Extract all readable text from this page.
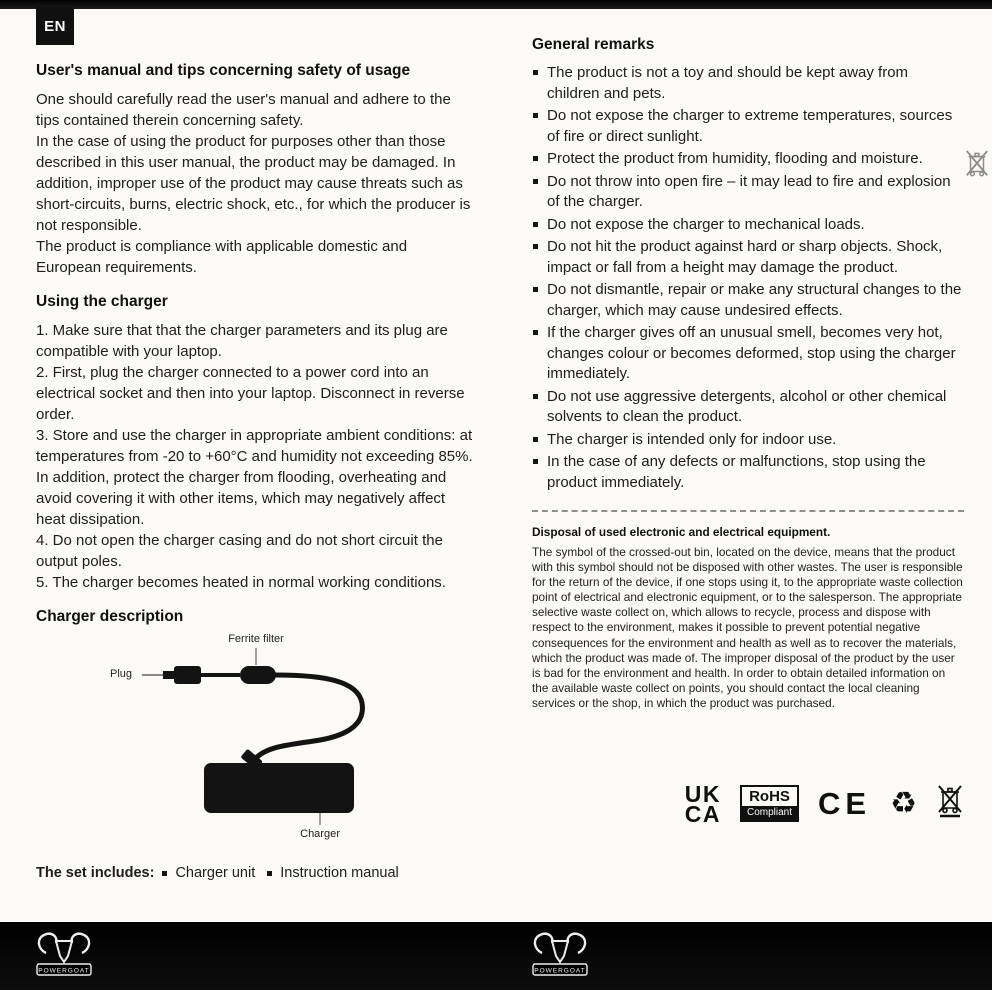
EN
User's manual and tips concerning safety of usage

One should carefully read the user's manual and adhere to the tips contained therein concerning safety.

In the case of using the product for purposes other than those described in this user manual, the product may be damaged. In addition, improper use of the product may cause threats such as short-circuits, burns, electric shock, etc., for which the producer is not responsible.

The product is compliance with applicable domestic and European requirements.

Using the charger

1. Make sure that that the charger parameters and its plug are compatible with your laptop.

2. First, plug the charger connected to a power cord into an electrical socket and then into your laptop. Disconnect in reverse order.

3. Store and use the charger in appropriate ambient conditions: at temperatures from -20 to +60°C and humidity not exceeding 85%. In addition, protect the charger from flooding, overheating and avoid covering it with other items, which may negatively affect heat dissipation.

4. Do not open the charger casing and do not short circuit the output poles.

5. The charger becomes heated in normal working conditions.

Charger description
Ferrite filter
Plug
Charger
The set includes:	Charger unit	Instruction manual
General remarks
The product is not a toy and should be kept away from children and pets.
Do not expose the charger to extreme temperatures, sources of fire or direct sunlight.
Protect the product from humidity, flooding and moisture.
Do not throw into open fire – it may lead to fire and explosion of the charger.
Do not expose the charger to mechanical loads.
Do not hit the product against hard or sharp objects. Shock, impact or fall from a height may damage the product.
Do not dismantle, repair or make any structural changes to the charger, which may cause undesired effects.
If the charger gives off an unusual smell, becomes very hot, changes colour or becomes deformed, stop using the charger immediately.
Do not use aggressive detergents, alcohol or other chemical solvents to clean the product.
The charger is intended only for indoor use.
In the case of any defects or malfunctions, stop using the product immediately.
Disposal of used electronic and electrical equipment.

The symbol of the crossed-out bin, located on the device, means that the product with this symbol should not be disposed with other wastes. The user is responsible for the return of the device, if one stops using it, to the appropriate waste collection point of electrical and electronic equipment, or to the salesperson. The appropriate selective waste collect on, which allows to recycle, process and dispose with respect to the environment, makes it possible to prevent potential negative consequences for the environment and health as well as to recover the materials, which the product was made of. The improper disposal of the product by the user is bad for the environment and health. In order to obtain detailed information on the available waste collect on points, you should contact the local cleaning services or the shop, in which the product was purchased.

UK
CA
RoHS
Compliant CE ♻
POWERGOAT	POWERGOAT
